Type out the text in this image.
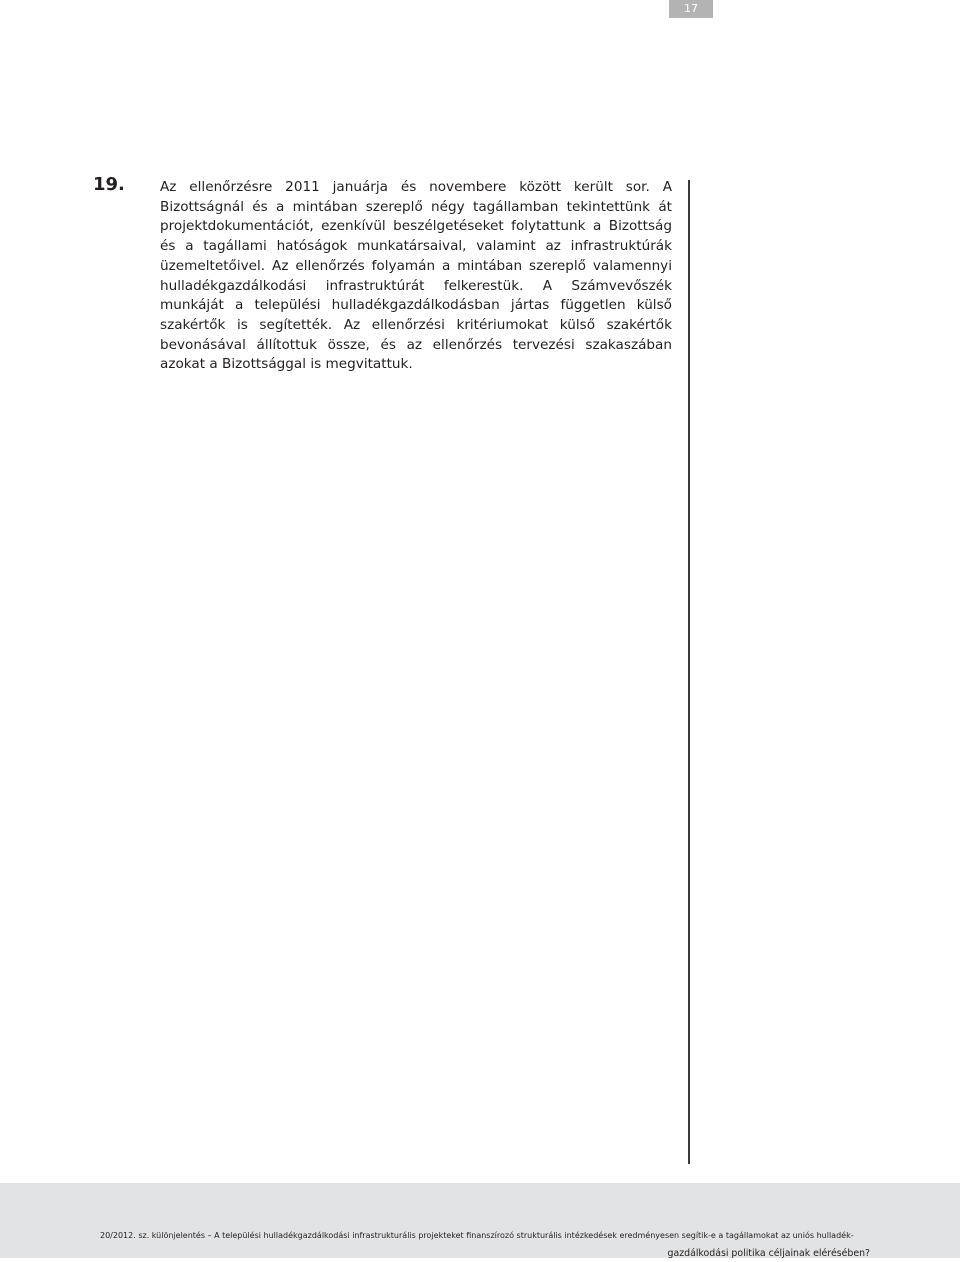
17
19.	Az ellenőrzésre 2011 januárja és novembere között került sor. A Bizottságnál és a mintában szereplő négy tagállamban tekintettünk át projektdokumentációt, ezenkívül beszélgetéseket folytattunk a Bizottság és a tagállami hatóságok munkatársaival, valamint az infrastruktúrák üzemeltetőivel. Az ellenőrzés folyamán a mintában szereplő valamennyi hulladékgazdálkodási infrastruktúrát felkerestük. A Számvevőszék munkáját a települési hulladékgazdálkodásban jártas független külső szakértők is segítették. Az ellenőrzési kritériumokat külső szakértők bevonásával állítottuk össze, és az ellenőrzés tervezési szakaszában azokat a Bizottsággal is megvitattuk.

20/2012. sz. különjelentés – A települési hulladékgazdálkodási infrastrukturális projekteket finanszírozó strukturális intézkedések eredményesen segítik-e a tagállamokat az uniós hulladék-
gazdálkodási politika céljainak elérésében?
